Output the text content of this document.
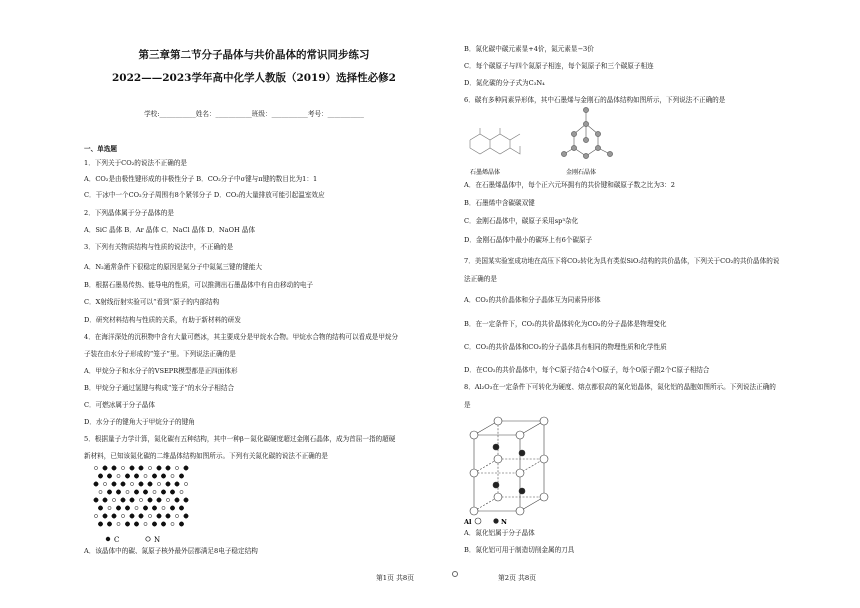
第三章第二节分子晶体与共价晶体的常识同步练习
2022——2023学年高中化学人教版（2019）选择性必修2
学校:___________姓名：___________班级：___________考号：___________
一、单选题
1．下列关于CO₂的说法不正确的是
A．CO₂是由极性键形成的非极性分子 B．CO₂分子中σ键与π键的数目比为1：1
C．干冰中一个CO₂分子周围有8个紧邻分子 D．CO₂的大量排放可能引起温室效应
2．下列晶体属于分子晶体的是
A．SiC 晶体 B．Ar 晶体 C．NaCl 晶体 D．NaOH 晶体
3．下列有关物质结构与性质的说法中，不正确的是
A．N₂通常条件下很稳定的原因是氮分子中氮氮三键的键能大
B．根据石墨易传热、能导电的性质，可以推测出石墨晶体中有自由移动的电子
C．X射线衍射实验可以“看到”原子的内部结构
D．研究材料结构与性质的关系，有助于新材料的研发
4．在海洋深处的沉积物中含有大量可燃冰，其主要成分是甲烷水合物。甲烷水合物的结构可以看成是甲烷分
子装在由水分子形成的“笼子”里。下列说法正确的是
A．甲烷分子和水分子的VSEPR模型都是正四面体形
B．甲烷分子通过氢键与构成“笼子”的水分子相结合
C．可燃冰属于分子晶体
D．水分子的键角大于甲烷分子的键角
5．根据量子力学计算，氮化碳有五种结构，其中一种β－氮化碳硬度超过金刚石晶体，成为首屈一指的超硬
新材料，已知该氮化碳的二维晶体结构如图所示。下列有关氮化碳的说法不正确的是
C	N
A．该晶体中的碳、氮原子核外最外层都满足8电子稳定结构
B．氮化碳中碳元素显+4价，氮元素显−3价
C．每个碳原子与四个氮原子相连，每个氮原子和三个碳原子相连
D．氮化碳的分子式为C₃N₄
6．碳有多种同素异形体，其中石墨烯与金刚石的晶体结构如图所示，下列说法不正确的是
石墨烯晶体	金刚石晶体
A．在石墨烯晶体中，每个正六元环拥有的共价键和碳原子数之比为3：2
B．石墨烯中含碳碳双键
C．金刚石晶体中，碳原子采用sp³杂化
D．金刚石晶体中最小的碳环上有6个碳原子
7．美国某实验室成功地在高压下将CO₂转化为具有类似SiO₂结构的共价晶体，下列关于CO₂的共价晶体的说
法正确的是
A．CO₂的共价晶体和分子晶体互为同素异形体
B．在一定条件下，CO₂的共价晶体转化为CO₂的分子晶体是物理变化
C．CO₂的共价晶体和CO₂的分子晶体具有相同的物理性质和化学性质
D．在CO₂的共价晶体中，每个C原子结合4个O原子，每个O原子跟2个C原子相结合
8．Al₂O₃在一定条件下可转化为硬度、熔点都很高的氮化铝晶体，氮化铝的晶胞如图所示。下列说法正确的
是
Al	N
A．氮化铝属于分子晶体
B．氮化铝可用于制造切削金属的刀具
第1页 共8页	第2页 共8页
